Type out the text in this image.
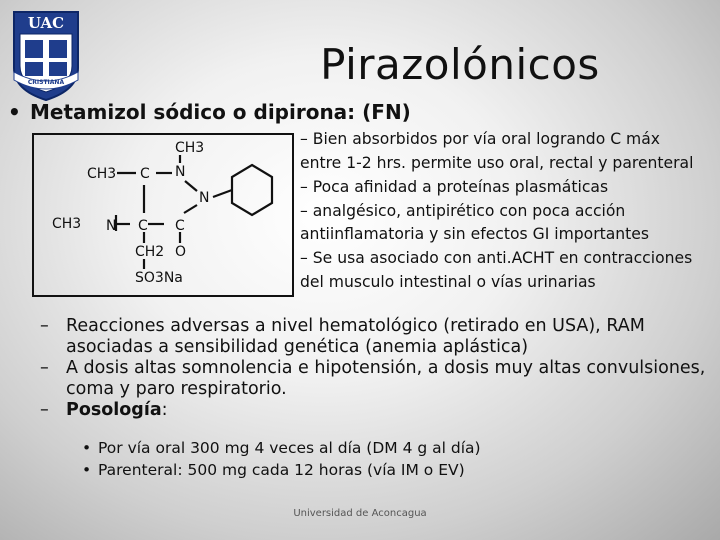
UAC
CRISTIANA	Pirazolónicos
• Metamizol sódico o dipirona: (FN)
CH3
CH3 C N
N
CH3 N C C
CH2 O
SO3Na
– Bien absorbidos por vía oral logrando C máx
entre 1-2 hrs. permite uso oral, rectal y parenteral
– Poca afinidad a proteínas plasmáticas
– analgésico, antipirético con poca acción
antiinflamatoria y sin efectos GI importantes
– Se usa asociado con anti.ACHT en contracciones
del musculo intestinal o vías urinarias
– Reacciones adversas a nivel hematológico (retirado en USA), RAM asociadas a sensibilidad genética (anemia aplástica)
– A dosis altas somnolencia e hipotensión, a dosis muy altas convulsiones, coma y paro respiratorio.
– Posología:
• Por vía oral 300 mg 4 veces al día (DM 4 g al día)
• Parenteral: 500 mg cada 12 horas (vía IM o EV)
Universidad de Aconcagua
